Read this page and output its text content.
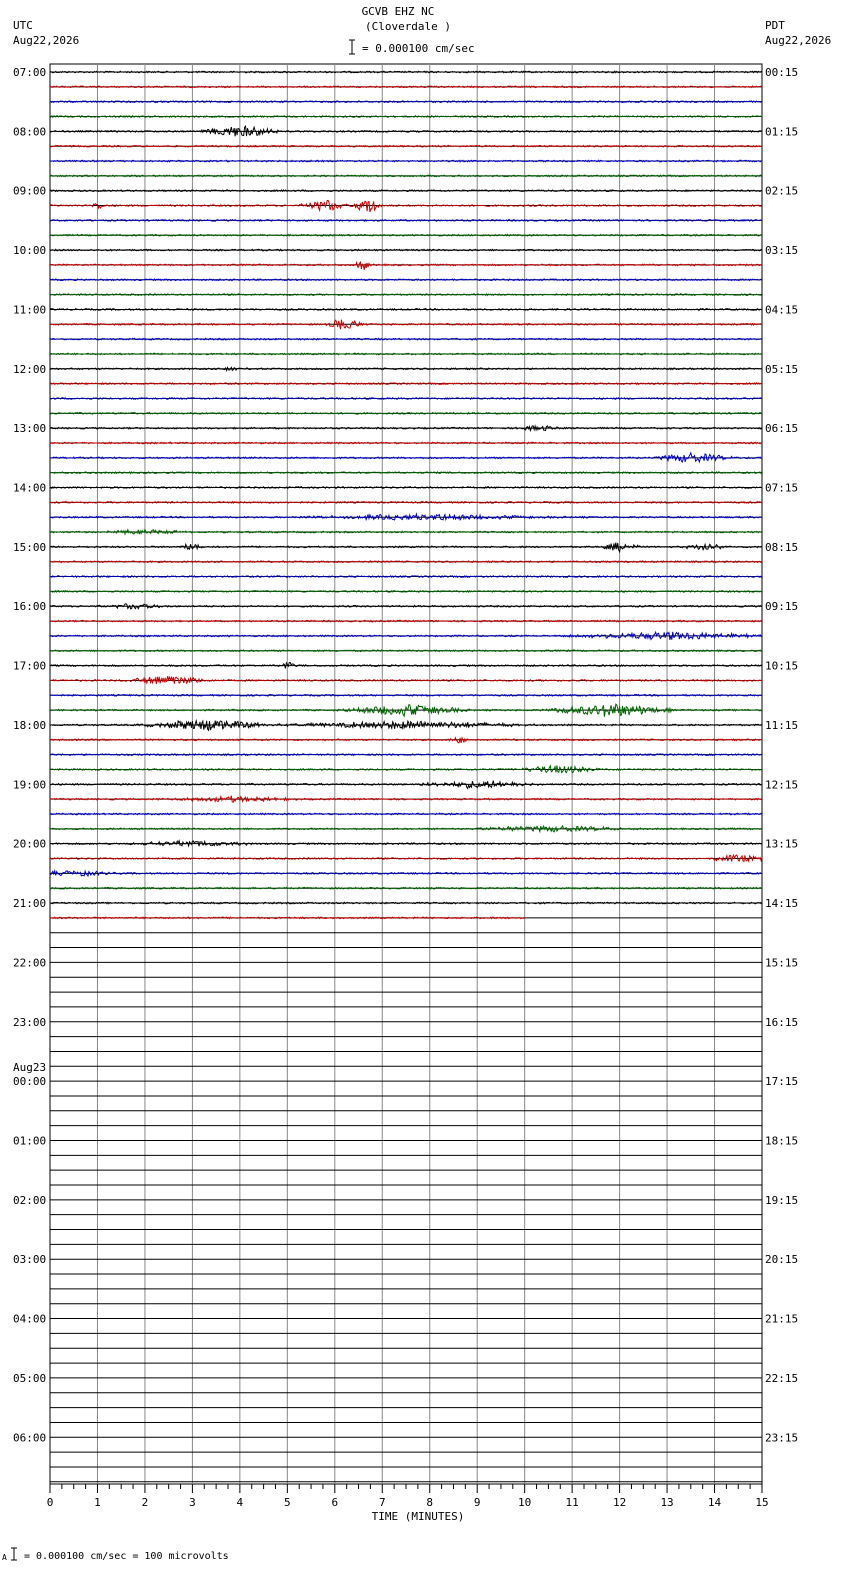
GCVB EHZ NC
(Cloverdale )
= 0.000100 cm/sec
UTC
Aug22,2026
PDT
Aug22,2026
07:00
08:00
09:00
10:00
11:00
12:00
13:00
14:00
15:00
16:00
17:00
18:00
19:00
20:00
21:00
22:00
23:00
00:00
01:00
02:00
03:00
04:00
05:00
06:00
Aug23
00:15
01:15
02:15
03:15
04:15
05:15
06:15
07:15
08:15
09:15
10:15
11:15
12:15
13:15
14:15
15:15
16:15
17:15
18:15
19:15
20:15
21:15
22:15
23:15
0	1	2	3	4	5	6	7	8	9	10	11	12	13	14	15
TIME (MINUTES)
A = 0.000100 cm/sec = 100 microvolts
